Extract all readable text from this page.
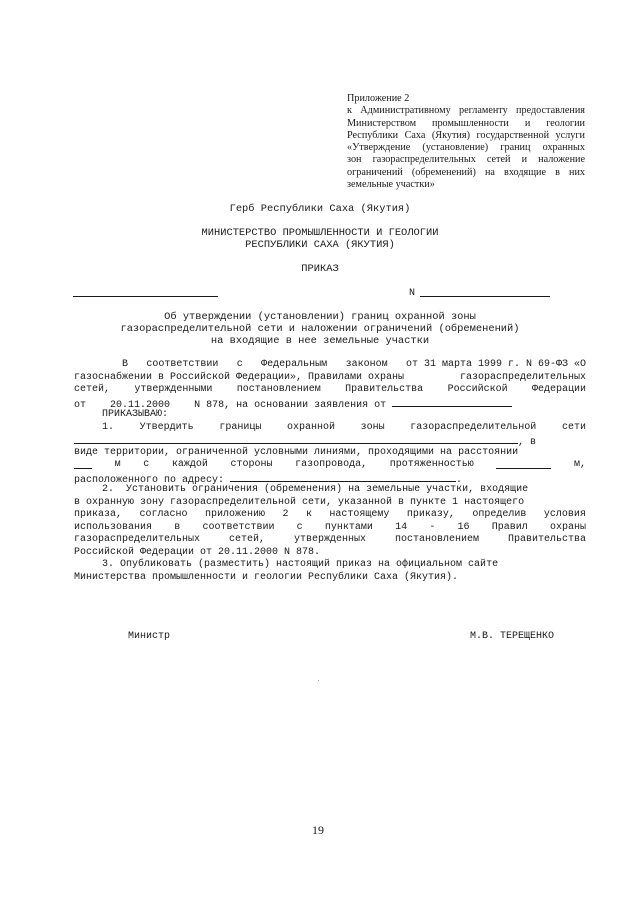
Приложение 2
к Административному регламенту предоставления
Министерством промышленности и геологии
Республики Саха (Якутия) государственной услуги
«Утверждение (установление) границ охранных
зон газораспределительных сетей и наложение
ограничений (обременений) на входящие в них
земельные участки»
Герб Республики Саха (Якутия)
МИНИСТЕРСТВО ПРОМЫШЛЕННОСТИ И ГЕОЛОГИИ
РЕСПУБЛИКИ САХА (ЯКУТИЯ)
ПРИКАЗ
N
Об утверждении (установлении) границ охранной зоны
газораспределительной сети и наложении ограничений (обременений)
на входящие в нее земельные участки
В соответствии с Федеральным законом от 31 марта 1999 г. N 69-ФЗ «О
газоснабжении в Российской Федерации», Правилами охраны	газораспределительных
сетей, утвержденными постановлением Правительства Российской Федерации
от 20.11.2000 N 878, на основании заявления от
ПРИКАЗЫВАЮ:
1.	Утвердить	границы	охранной	зоны	газораспределительной	сети
, в
виде территории, ограниченной условными линиями, проходящими на расстоянии
м с каждой стороны газопровода, протяженностью	м,
расположенного по адресу:	.
2. Установить ограничения (обременения) на земельные участки, входящие
в охранную зону газораспределительной сети, указанной в пункте 1 настоящего
приказа, согласно приложению 2 к настоящему приказу, определив условия
использования в соответствии с пунктами 14 - 16 Правил охраны
газораспределительных	сетей,	утвержденных	постановлением	Правительства
Российской Федерации от 20.11.2000 N 878.
3. Опубликовать (разместить) настоящий приказ на официальном сайте
Министерства промышленности и геологии Республики Саха (Якутия).
Министр	М.В. ТЕРЕЩЕНКО
19
